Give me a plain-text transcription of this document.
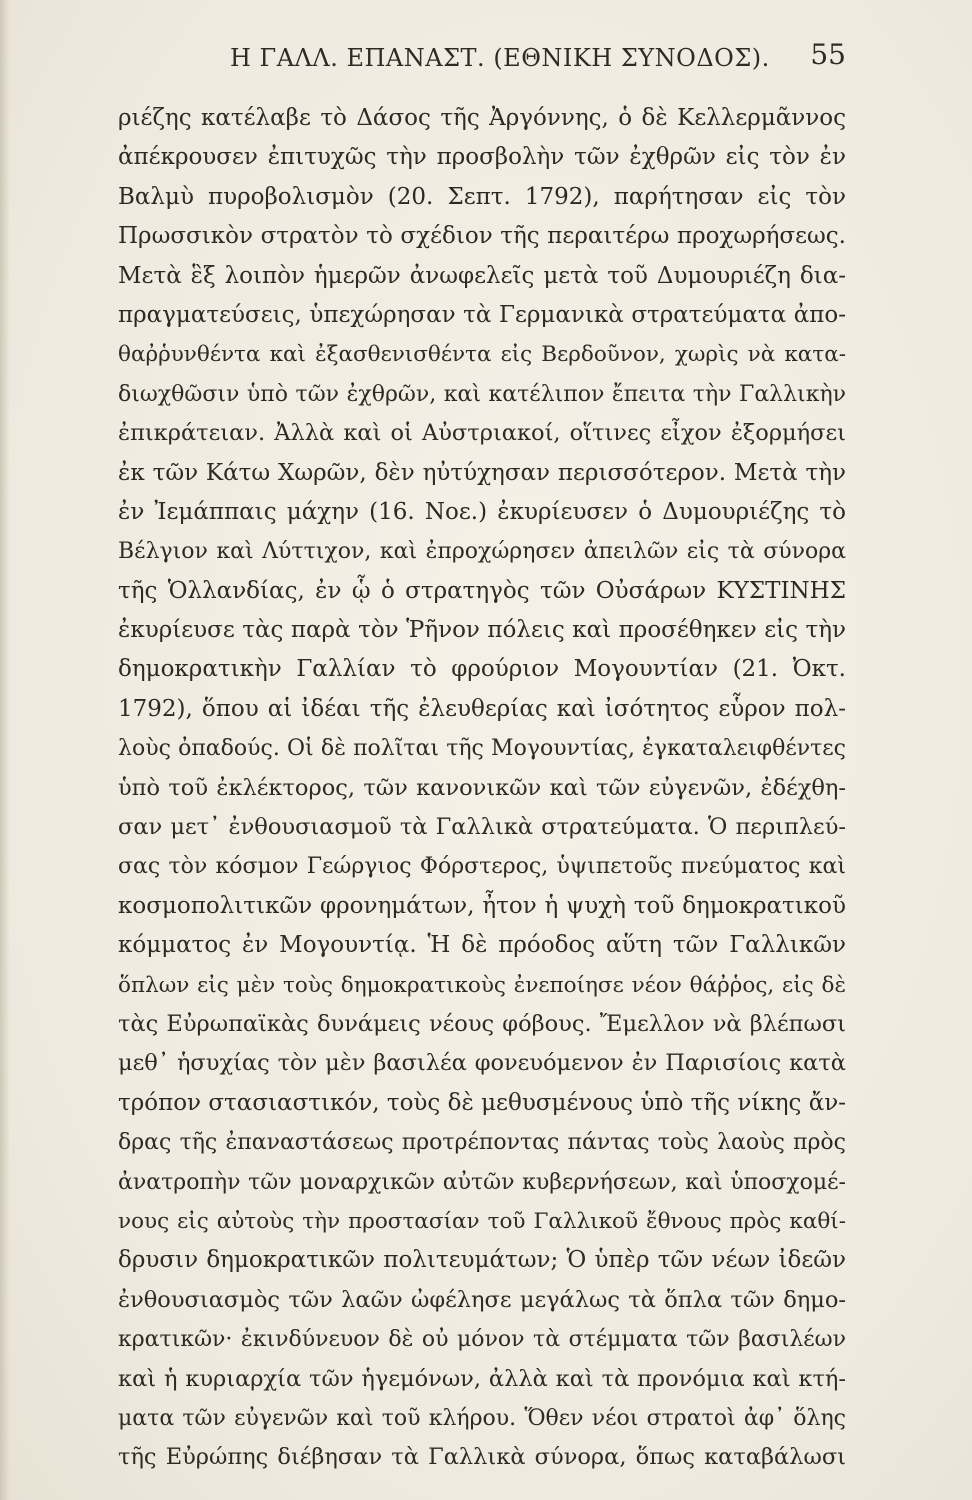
Η ΓΑΛΛ. ΕΠΑΝΑΣΤ. (ΕΘΝΙΚΗ ΣΥΝΟΔΟΣ). 55
ριέζης κατέλαβε τὸ Δάσος τῆς Ἀργόννης, ὁ δὲ Κελλερμᾶννος
ἀπέκρουσεν ἐπιτυχῶς τὴν προσβολὴν τῶν ἐχθρῶν εἰς τὸν ἐν
Βαλμὺ πυροβολισμὸν (20. Σεπτ. 1792), παρήτησαν εἰς τὸν
Πρωσσικὸν στρατὸν τὸ σχέδιον τῆς περαιτέρω προχωρήσεως.
Μετὰ ἓξ λοιπὸν ἡμερῶν ἀνωφελεῖς μετὰ τοῦ Δυμουριέζη δια-
πραγματεύσεις, ὑπεχώρησαν τὰ Γερμανικὰ στρατεύματα ἀπο-
θαῤῥυνθέντα καὶ ἐξασθενισθέντα εἰς Βερδοῦνον, χωρὶς νὰ κατα-
διωχθῶσιν ὑπὸ τῶν ἐχθρῶν, καὶ κατέλιπον ἔπειτα τὴν Γαλλικὴν
ἐπικράτειαν. Ἀλλὰ καὶ οἱ Αὐστριακοί, οἵτινες εἶχον ἐξορμήσει
ἐκ τῶν Κάτω Χωρῶν, δὲν ηὐτύχησαν περισσότερον. Μετὰ τὴν
ἐν Ἰεμάππαις μάχην (16. Νοε.) ἐκυρίευσεν ὁ Δυμουριέζης τὸ
Βέλγιον καὶ Λύττιχον, καὶ ἐπροχώρησεν ἀπειλῶν εἰς τὰ σύνορα
τῆς Ὁλλανδίας, ἐν ᾧ ὁ στρατηγὸς τῶν Οὐσάρων ΚΥΣΤΙΝΗΣ
ἐκυρίευσε τὰς παρὰ τὸν Ῥῆνον πόλεις καὶ προσέθηκεν εἰς τὴν
δημοκρατικὴν Γαλλίαν τὸ φρούριον Μογουντίαν (21. Ὀκτ.
1792), ὅπου αἱ ἰδέαι τῆς ἐλευθερίας καὶ ἰσότητος εὗρον πολ-
λοὺς ὀπαδούς. Οἱ δὲ πολῖται τῆς Μογουντίας, ἐγκαταλειφθέντες
ὑπὸ τοῦ ἐκλέκτορος, τῶν κανονικῶν καὶ τῶν εὐγενῶν, ἐδέχθη-
σαν μετ᾽ ἐνθουσιασμοῦ τὰ Γαλλικὰ στρατεύματα. Ὁ περιπλεύ-
σας τὸν κόσμον Γεώργιος Φόρστερος, ὑψιπετοῦς πνεύματος καὶ
κοσμοπολιτικῶν φρονημάτων, ἦτον ἡ ψυχὴ τοῦ δημοκρατικοῦ
κόμματος ἐν Μογουντίᾳ. Ἡ δὲ πρόοδος αὕτη τῶν Γαλλικῶν
ὅπλων εἰς μὲν τοὺς δημοκρατικοὺς ἐνεποίησε νέον θάῤῥος, εἰς δὲ
τὰς Εὐρωπαϊκὰς δυνάμεις νέους φόβους. Ἔμελλον νὰ βλέπωσι
μεθ᾽ ἡσυχίας τὸν μὲν βασιλέα φονευόμενον ἐν Παρισίοις κατὰ
τρόπον στασιαστικόν, τοὺς δὲ μεθυσμένους ὑπὸ τῆς νίκης ἄν-
δρας τῆς ἐπαναστάσεως προτρέποντας πάντας τοὺς λαοὺς πρὸς
ἀνατροπὴν τῶν μοναρχικῶν αὐτῶν κυβερνήσεων, καὶ ὑποσχομέ-
νους εἰς αὐτοὺς τὴν προστασίαν τοῦ Γαλλικοῦ ἔθνους πρὸς καθί-
δρυσιν δημοκρατικῶν πολιτευμάτων; Ὁ ὑπὲρ τῶν νέων ἰδεῶν
ἐνθουσιασμὸς τῶν λαῶν ὠφέλησε μεγάλως τὰ ὅπλα τῶν δημο-
κρατικῶν· ἐκινδύνευον δὲ οὐ μόνον τὰ στέμματα τῶν βασιλέων
καὶ ἡ κυριαρχία τῶν ἡγεμόνων, ἀλλὰ καὶ τὰ προνόμια καὶ κτή-
ματα τῶν εὐγενῶν καὶ τοῦ κλήρου. Ὅθεν νέοι στρατοὶ ἀφ᾽ ὅλης
τῆς Εὐρώπης διέβησαν τὰ Γαλλικὰ σύνορα, ὅπως καταβάλωσι
